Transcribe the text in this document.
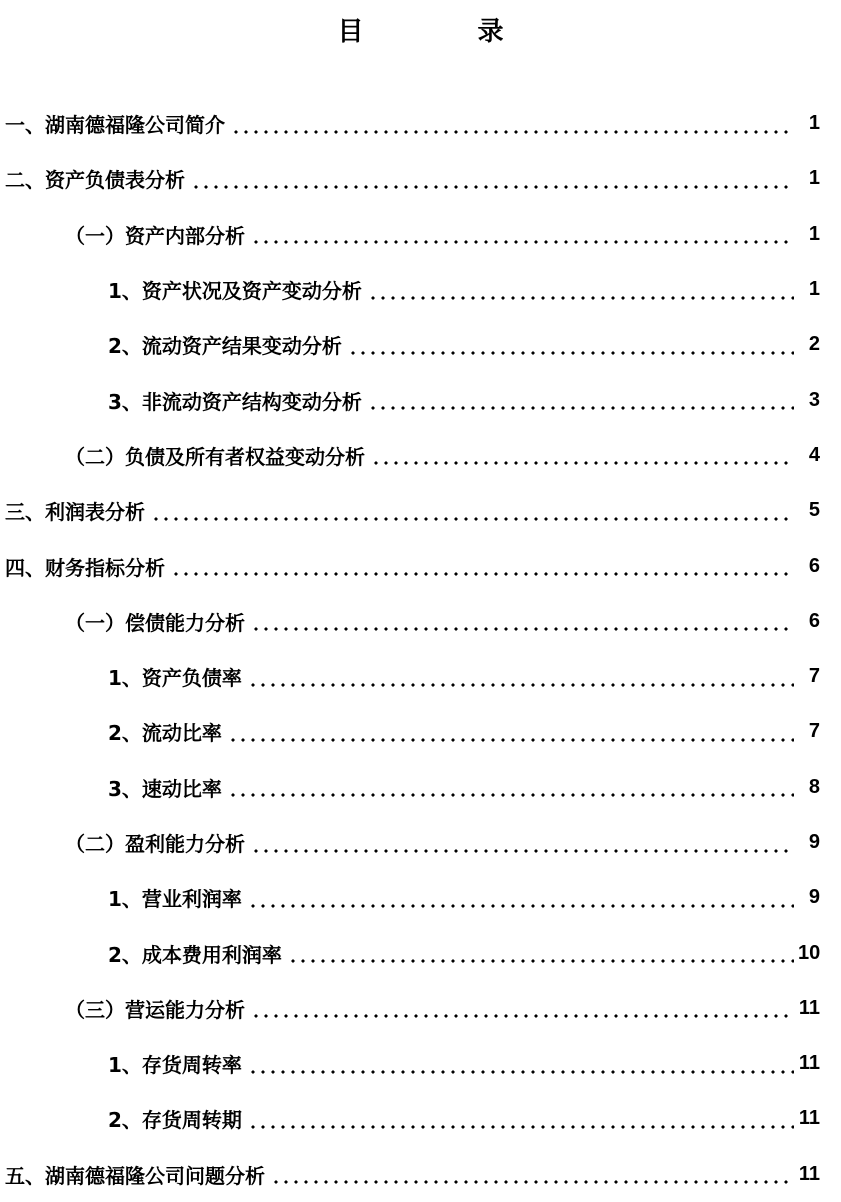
目　录
一、湖南德福隆公司简介	1
二、资产负债表分析	1
（一）资产内部分析	1
1、资产状况及资产变动分析	1
2、流动资产结果变动分析	2
3、非流动资产结构变动分析	3
（二）负债及所有者权益变动分析	4
三、利润表分析	5
四、财务指标分析	6
（一）偿债能力分析	6
1、资产负债率	7
2、流动比率	7
3、速动比率	8
（二）盈利能力分析	9
1、营业利润率	9
2、成本费用利润率	10
（三）营运能力分析	11
1、存货周转率	11
2、存货周转期	11
五、湖南德福隆公司问题分析	11
